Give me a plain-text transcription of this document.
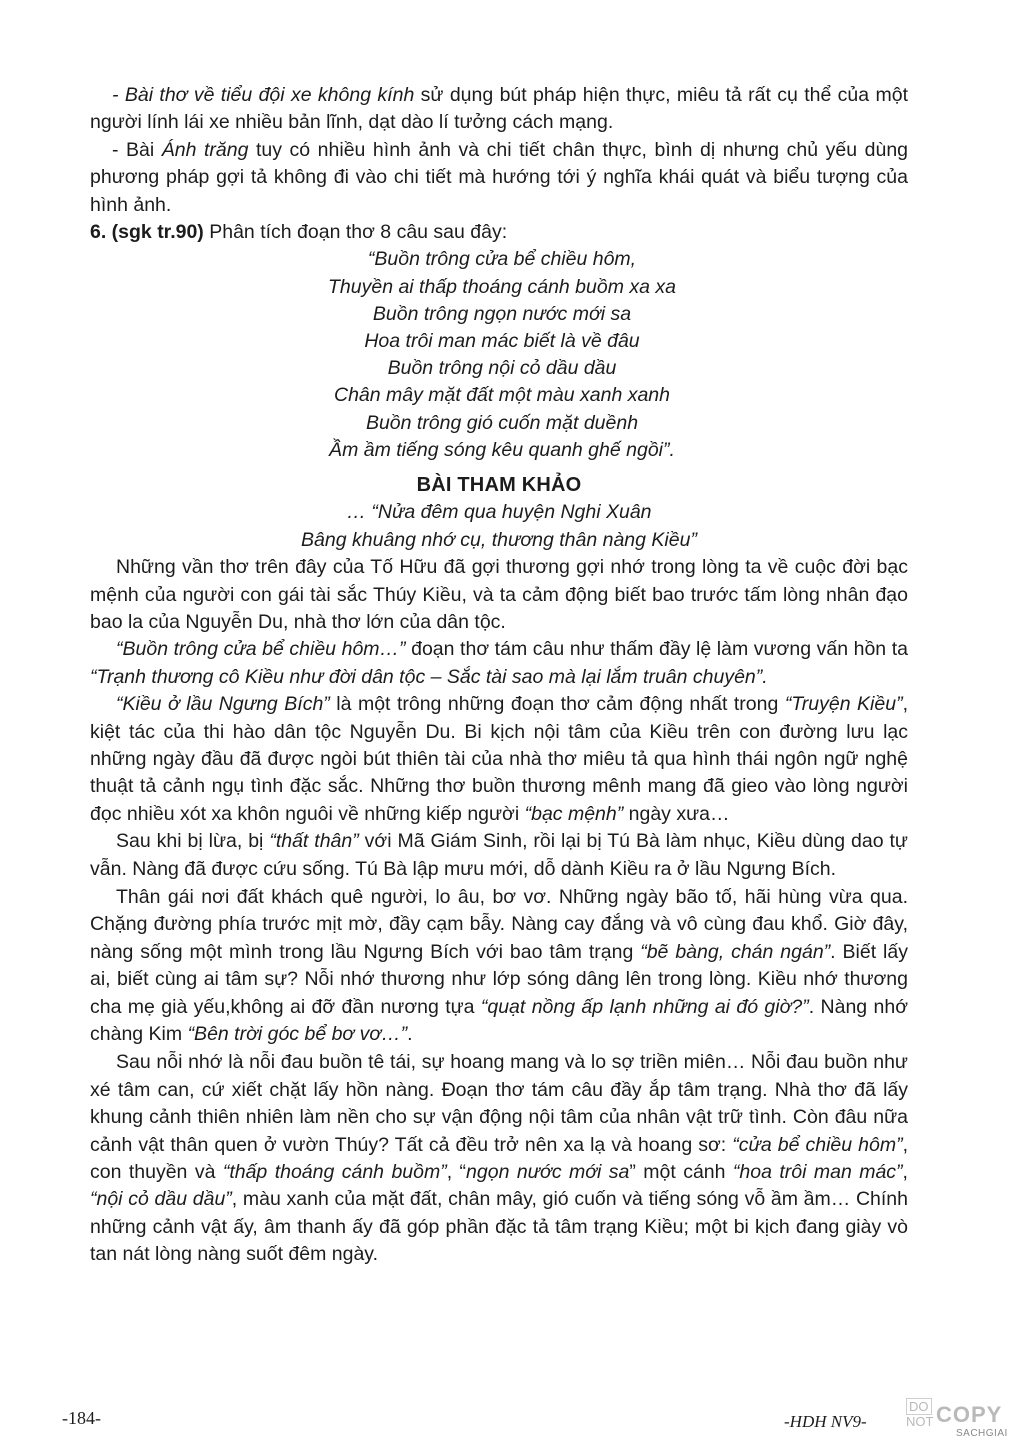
- Bài thơ về tiểu đội xe không kính sử dụng bút pháp hiện thực, miêu tả rất cụ thể của một người lính lái xe nhiều bản lĩnh, dạt dào lí tưởng cách mạng.

- Bài Ánh trăng tuy có nhiều hình ảnh và chi tiết chân thực, bình dị nhưng chủ yếu dùng phương pháp gợi tả không đi vào chi tiết mà hướng tới ý nghĩa khái quát và biểu tượng của hình ảnh.

6. (sgk tr.90) Phân tích đoạn thơ 8 câu sau đây:

“Buồn trông cửa bể chiều hôm,
Thuyền ai thấp thoáng cánh buồm xa xa
Buồn trông ngọn nước mới sa
Hoa trôi man mác biết là về đâu
Buồn trông nội cỏ dầu dầu
Chân mây mặt đất một màu xanh xanh
Buồn trông gió cuốn mặt duềnh
Ầm ầm tiếng sóng kêu quanh ghế ngồi”.
BÀI THAM KHẢO
… “Nửa đêm qua huyện Nghi Xuân
Bâng khuâng nhớ cụ, thương thân nàng Kiều”

Những vần thơ trên đây của Tố Hữu đã gợi thương gợi nhớ trong lòng ta về cuộc đời bạc mệnh của người con gái tài sắc Thúy Kiều, và ta cảm động biết bao trước tấm lòng nhân đạo bao la của Nguyễn Du, nhà thơ lớn của dân tộc.

“Buồn trông cửa bể chiều hôm…” đoạn thơ tám câu như thấm đầy lệ làm vương vấn hồn ta “Trạnh thương cô Kiều như đời dân tộc – Sắc tài sao mà lại lắm truân chuyên”.

“Kiều ở lầu Ngưng Bích” là một trông những đoạn thơ cảm động nhất trong “Truyện Kiều”, kiệt tác của thi hào dân tộc Nguyễn Du. Bi kịch nội tâm của Kiều trên con đường lưu lạc những ngày đầu đã được ngòi bút thiên tài của nhà thơ miêu tả qua hình thái ngôn ngữ nghệ thuật tả cảnh ngụ tình đặc sắc. Những thơ buồn thương mênh mang đã gieo vào lòng người đọc nhiều xót xa khôn nguôi về những kiếp người “bạc mệnh” ngày xưa…

Sau khi bị lừa, bị “thất thân” với Mã Giám Sinh, rồi lại bị Tú Bà làm nhục, Kiều dùng dao tự vẫn. Nàng đã được cứu sống. Tú Bà lập mưu mới, dỗ dành Kiều ra ở lầu Ngưng Bích.

Thân gái nơi đất khách quê người, lo âu, bơ vơ. Những ngày bão tố, hãi hùng vừa qua. Chặng đường phía trước mịt mờ, đầy cạm bẫy. Nàng cay đắng và vô cùng đau khổ. Giờ đây, nàng sống một mình trong lầu Ngưng Bích với bao tâm trạng “bẽ bàng, chán ngán”. Biết lấy ai, biết cùng ai tâm sự? Nỗi nhớ thương như lớp sóng dâng lên trong lòng. Kiều nhớ thương cha mẹ già yếu,không ai đỡ đần nương tựa “quạt nồng ấp lạnh những ai đó giờ?”. Nàng nhớ chàng Kim “Bên trời góc bể bơ vơ…”.

Sau nỗi nhớ là nỗi đau buồn tê tái, sự hoang mang và lo sợ triền miên… Nỗi đau buồn như xé tâm can, cứ xiết chặt lấy hồn nàng. Đoạn thơ tám câu đầy ắp tâm trạng. Nhà thơ đã lấy khung cảnh thiên nhiên làm nền cho sự vận động nội tâm của nhân vật trữ tình. Còn đâu nữa cảnh vật thân quen ở vườn Thúy? Tất cả đều trở nên xa lạ và hoang sơ: “cửa bể chiều hôm”, con thuyền và “thấp thoáng cánh buồm”, “ngọn nước mới sa” một cánh “hoa trôi man mác”, “nội cỏ dầu dầu”, màu xanh của mặt đất, chân mây, gió cuốn và tiếng sóng vỗ ầm ầm… Chính những cảnh vật ấy, âm thanh ấy đã góp phần đặc tả tâm trạng Kiều; một bi kịch đang giày vò tan nát lòng nàng suốt đêm ngày.

-184-	-HDH NV9-
DO
NOT COPY
SACHGIAI
